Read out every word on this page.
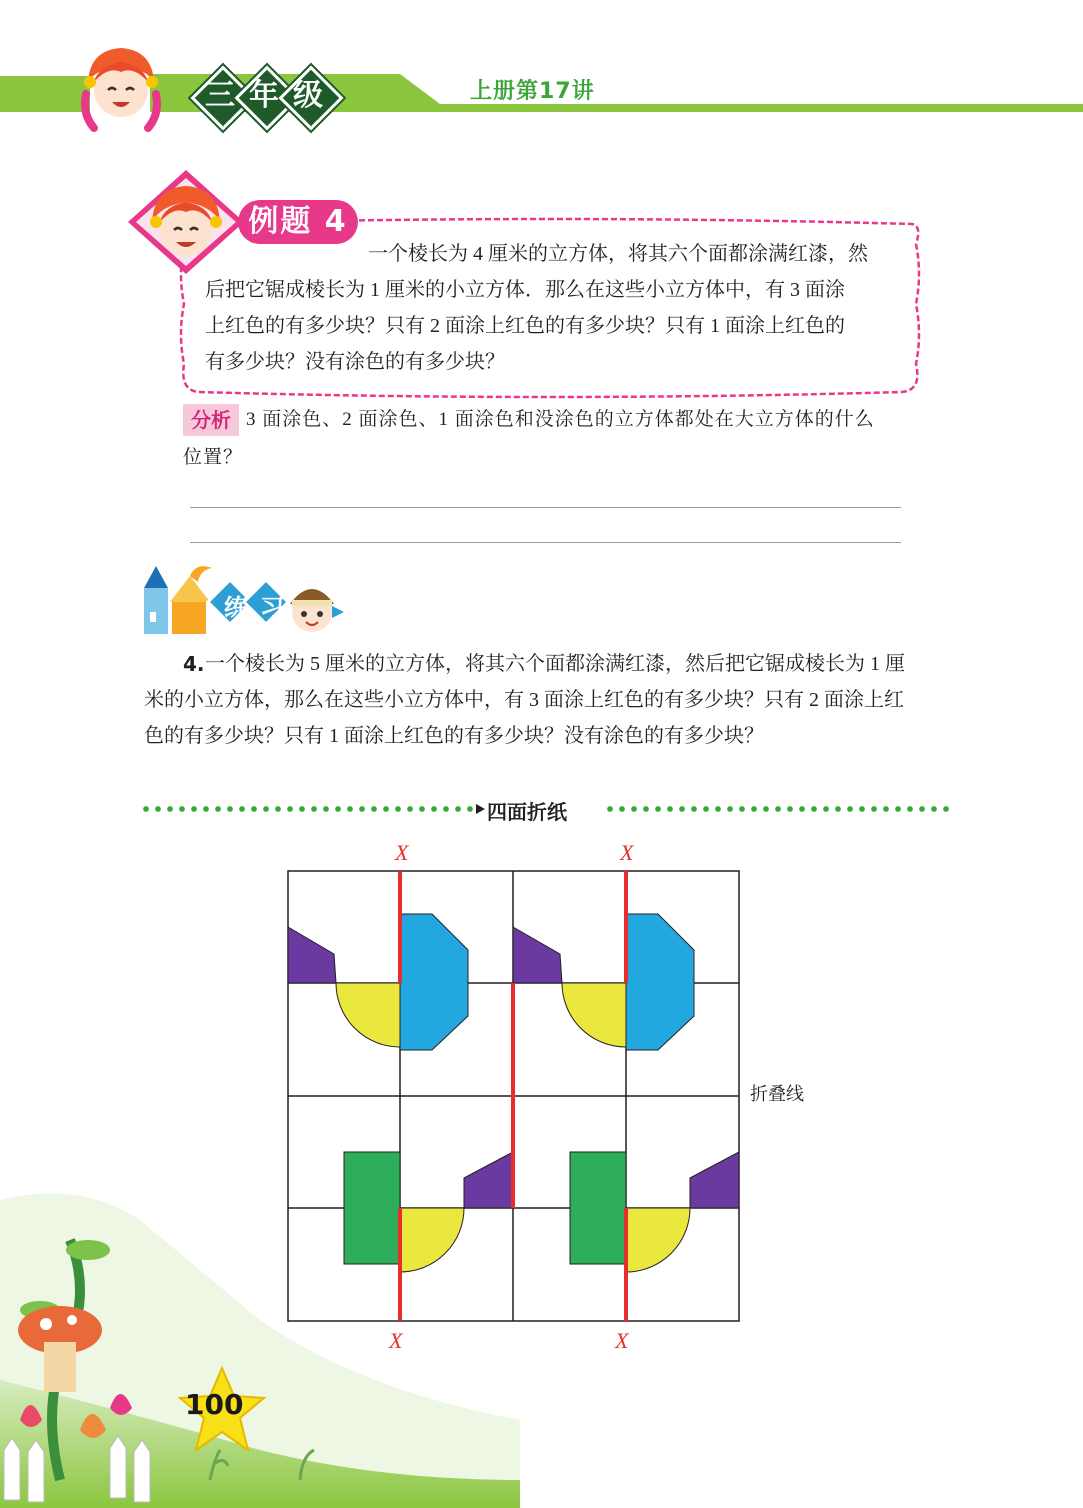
三 年 级	上册第17讲
例题 4
一个棱长为 4 厘米的立方体，将其六个面都涂满红漆，然
后把它锯成棱长为 1 厘米的小立方体．那么在这些小立方体中，有 3 面涂
上红色的有多少块？只有 2 面涂上红色的有多少块？只有 1 面涂上红色的
有多少块？没有涂色的有多少块？
分析 3 面涂色、2 面涂色、1 面涂色和没涂色的立方体都处在大立方体的什么
位置？
练 习
4. 一个棱长为 5 厘米的立方体，将其六个面都涂满红漆，然后把它锯成棱长为 1 厘
米的小立方体，那么在这些小立方体中，有 3 面涂上红色的有多少块？只有 2 面涂上红
色的有多少块？只有 1 面涂上红色的有多少块？没有涂色的有多少块？
四面折纸
X	X
X	X
折叠线
100
